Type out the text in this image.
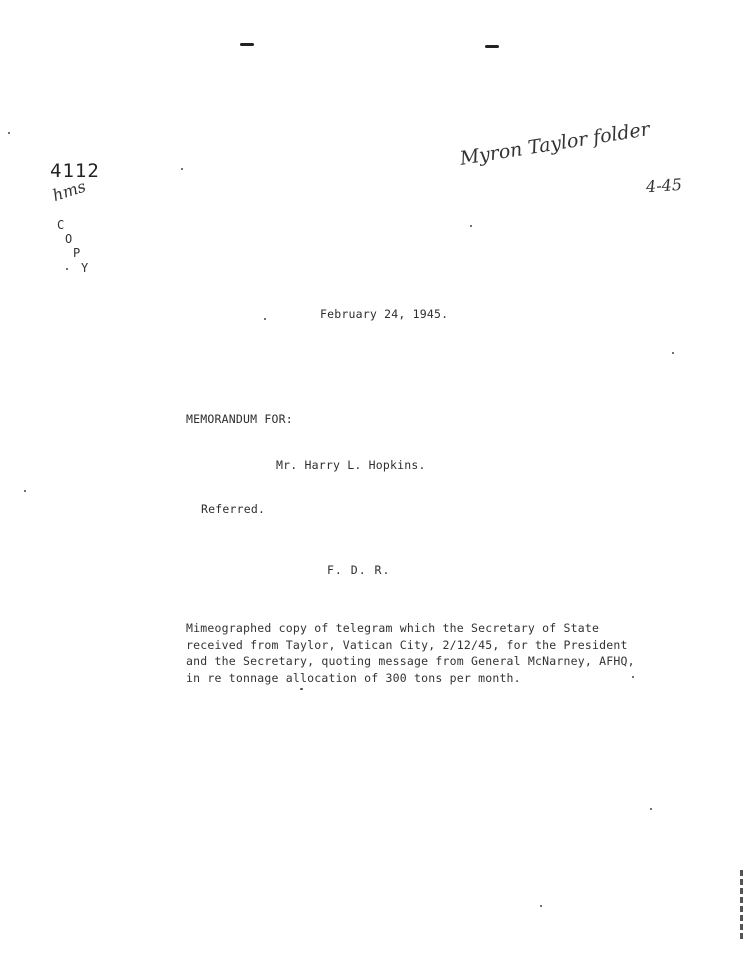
4112
hms
C
O
P
Y
Myron Taylor folder
4-45
February 24, 1945.
MEMORANDUM FOR:
Mr. Harry L. Hopkins.
Referred.
F. D. R.
Mimeographed copy of telegram which the Secretary of State
received from Taylor, Vatican City, 2/12/45, for the President
and the Secretary, quoting message from General McNarney, AFHQ,
in re tonnage allocation of 300 tons per month.
